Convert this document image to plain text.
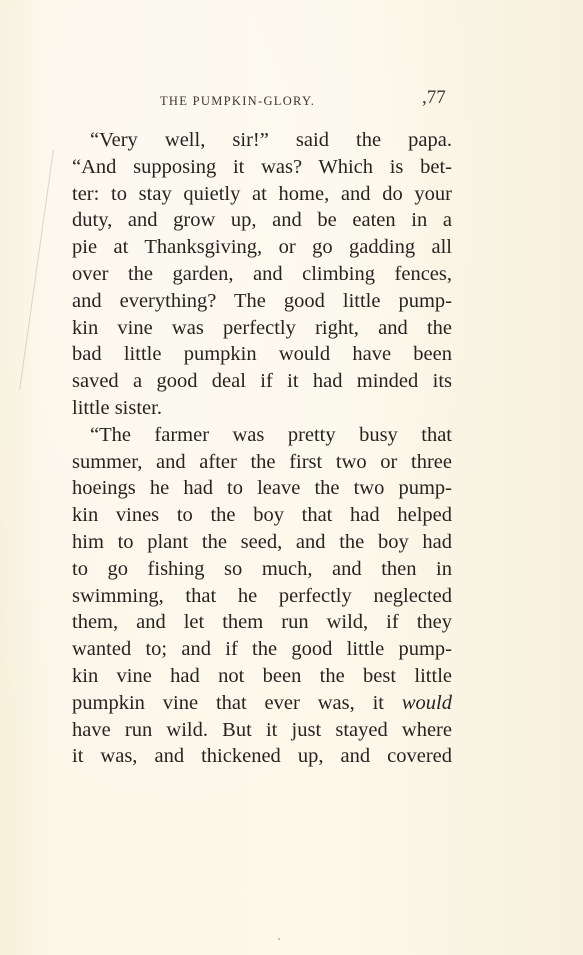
THE PUMPKIN-GLORY.	,77
“Very well, sir!” said the papa.
“And supposing it was? Which is bet-
ter: to stay quietly at home, and do your
duty, and grow up, and be eaten in a
pie at Thanksgiving, or go gadding all
over the garden, and climbing fences,
and everything? The good little pump-
kin vine was perfectly right, and the
bad little pumpkin would have been
saved a good deal if it had minded its
little sister.
“The farmer was pretty busy that
summer, and after the first two or three
hoeings he had to leave the two pump-
kin vines to the boy that had helped
him to plant the seed, and the boy had
to go fishing so much, and then in
swimming, that he perfectly neglected
them, and let them run wild, if they
wanted to; and if the good little pump-
kin vine had not been the best little
pumpkin vine that ever was, it would
have run wild. But it just stayed where
it was, and thickened up, and covered
